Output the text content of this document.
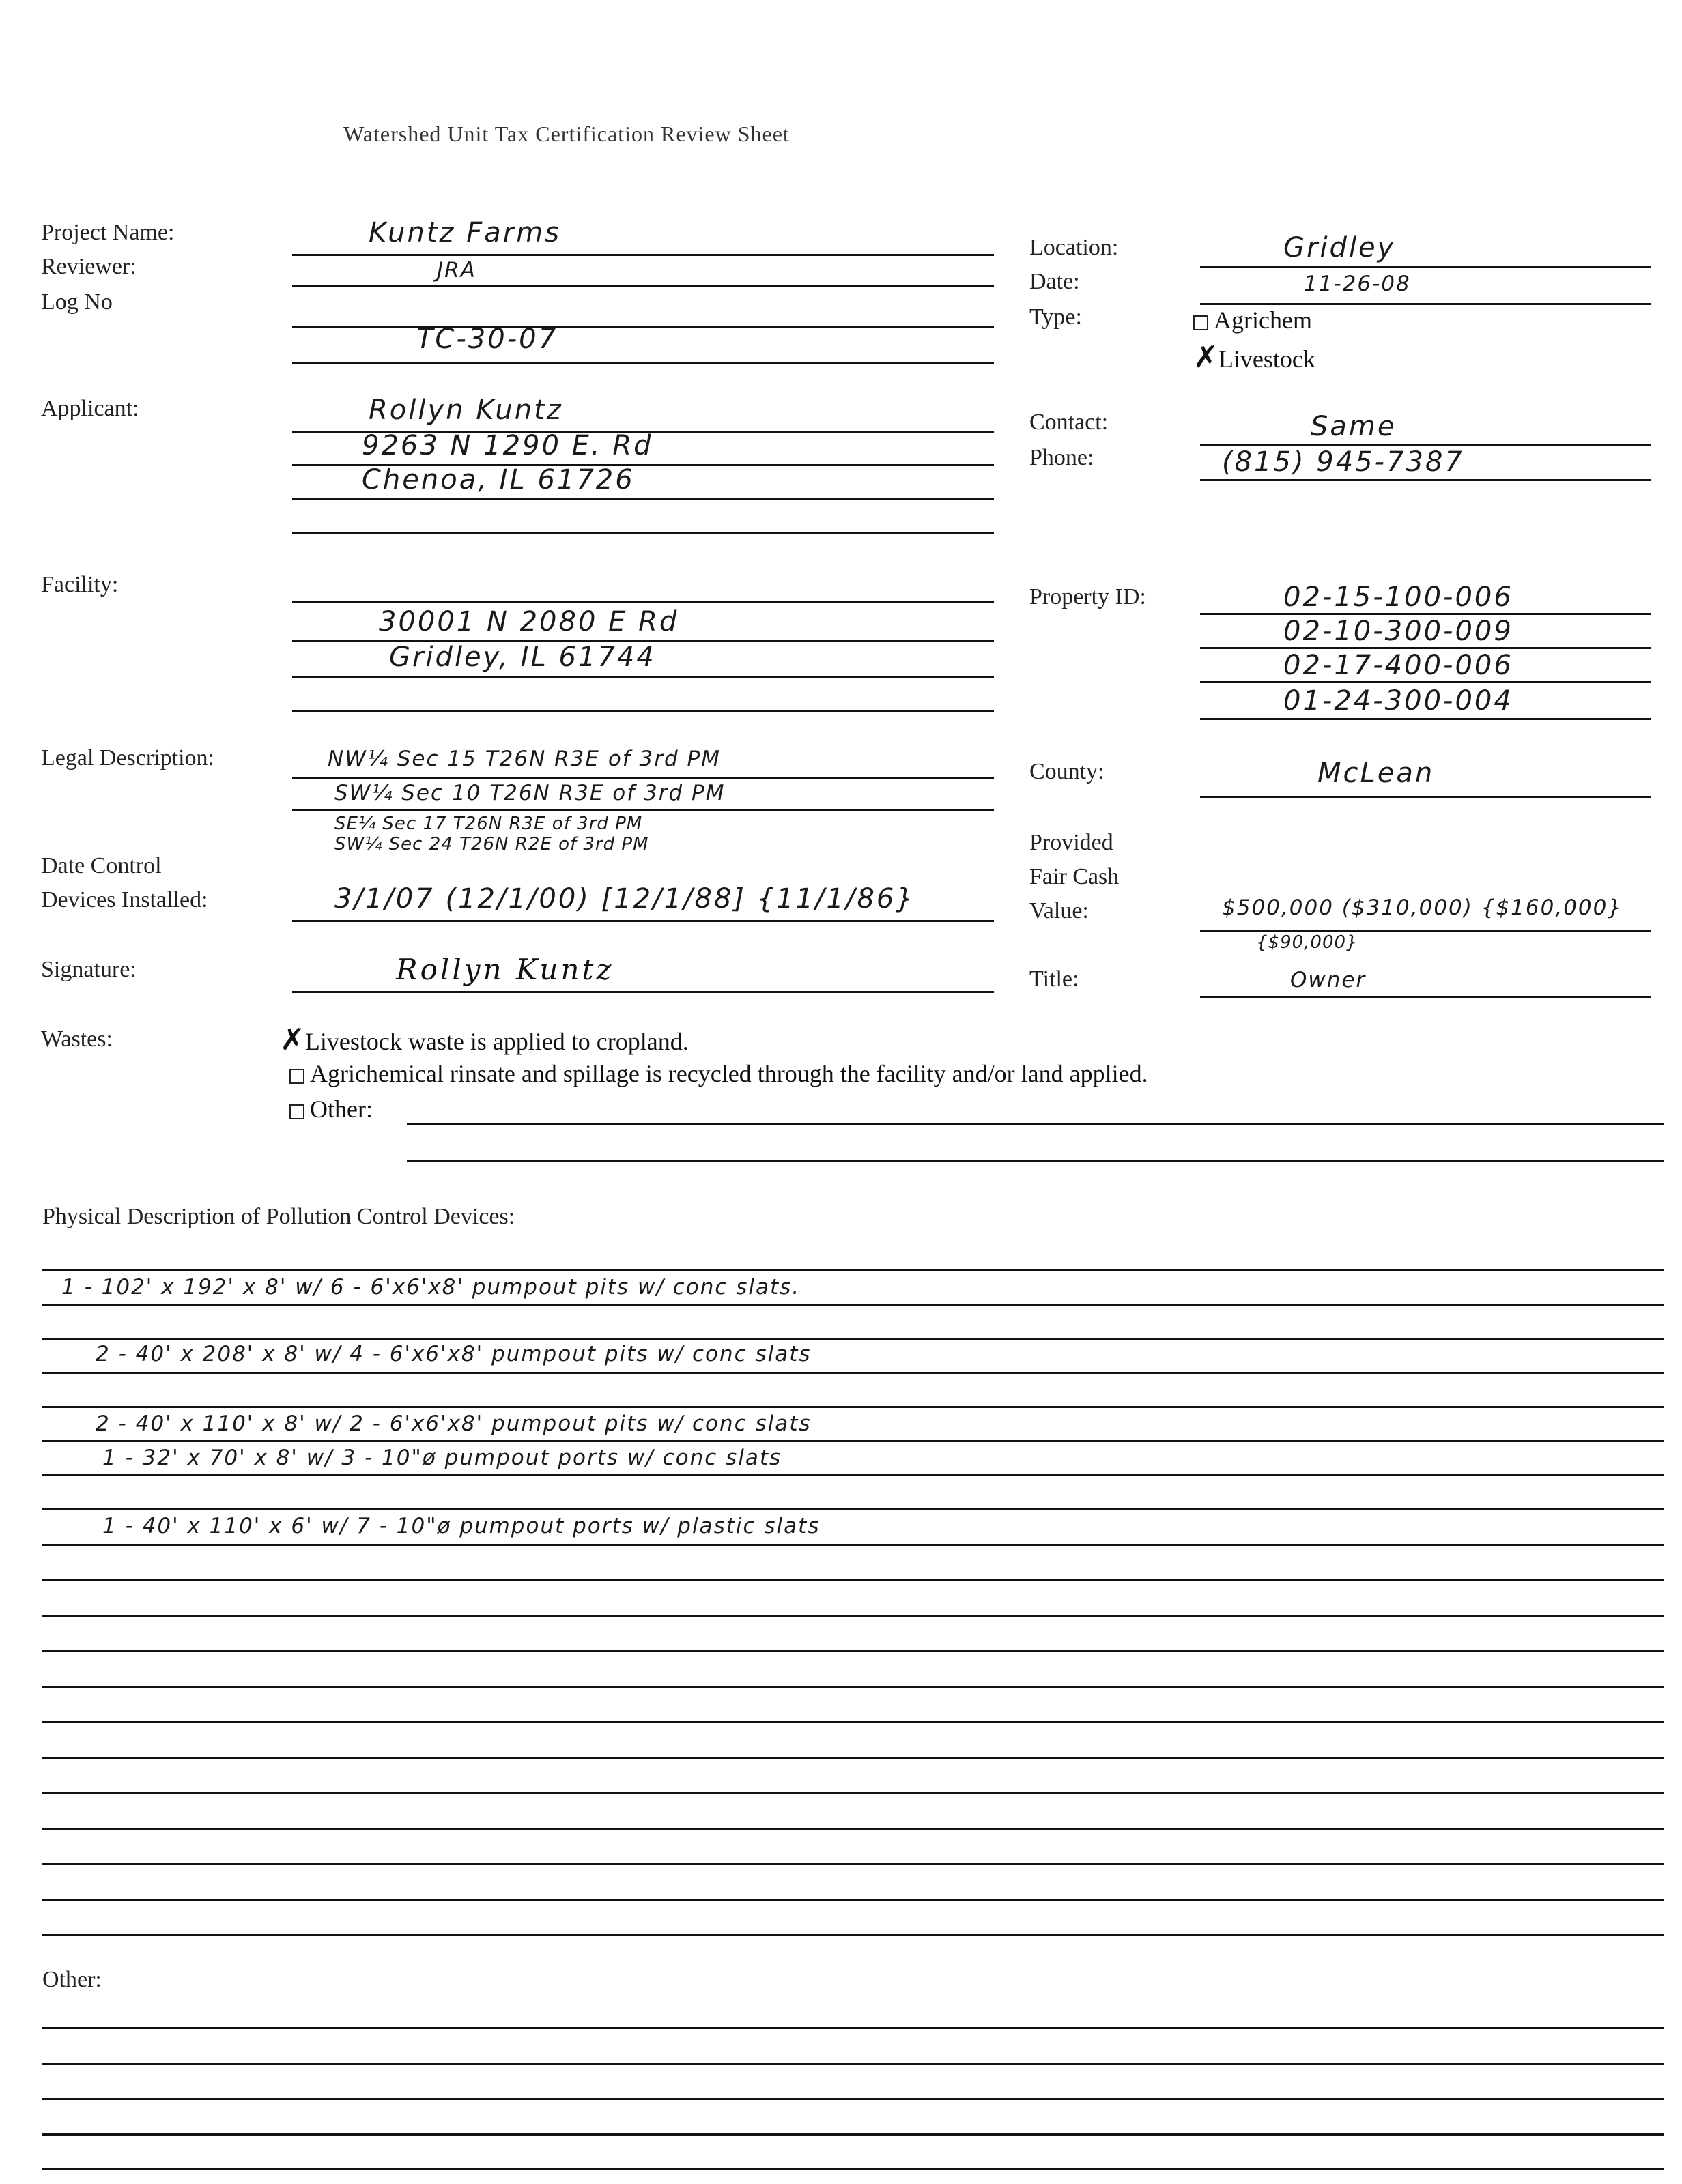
Watershed Unit Tax Certification Review Sheet
Project Name:
Reviewer:
Log No
Applicant:
Facility:
Legal Description:
Date Control
Devices Installed:
Signature:
Wastes:
Kuntz Farms
JRA
TC-30-07
Rollyn Kuntz
9263 N 1290 E. Rd
Chenoa, IL 61726
30001 N 2080 E Rd
Gridley, IL 61744
NW¼ Sec 15 T26N R3E of 3rd PM
SW¼ Sec 10 T26N R3E of 3rd PM
SE¼ Sec 17 T26N R3E of 3rd PM
SW¼ Sec 24 T26N R2E of 3rd PM
3/1/07 (12/1/00) [12/1/88] {11/1/86}
Rollyn Kuntz
Location:
Date:
Type:
Contact:
Phone:
Property ID:
County:
Provided
Fair Cash
Value:
Title:
Gridley
11-26-08
Agrichem
✗Livestock
Same
(815) 945-7387
02-15-100-006
02-10-300-009
02-17-400-006
01-24-300-004
McLean
$500,000 ($310,000) {$160,000}
{$90,000}
Owner
✗Livestock waste is applied to cropland.
Agrichemical rinsate and spillage is recycled through the facility and/or land applied.
Other:
Physical Description of Pollution Control Devices:
1 - 102' x 192' x 8' w/ 6 - 6'x6'x8' pumpout pits w/ conc slats.
2 - 40' x 208' x 8' w/ 4 - 6'x6'x8' pumpout pits w/ conc slats
2 - 40' x 110' x 8' w/ 2 - 6'x6'x8' pumpout pits w/ conc slats
1 - 32' x 70' x 8' w/ 3 - 10"ø pumpout ports w/ conc slats
1 - 40' x 110' x 6' w/ 7 - 10"ø pumpout ports w/ plastic slats
Other:
